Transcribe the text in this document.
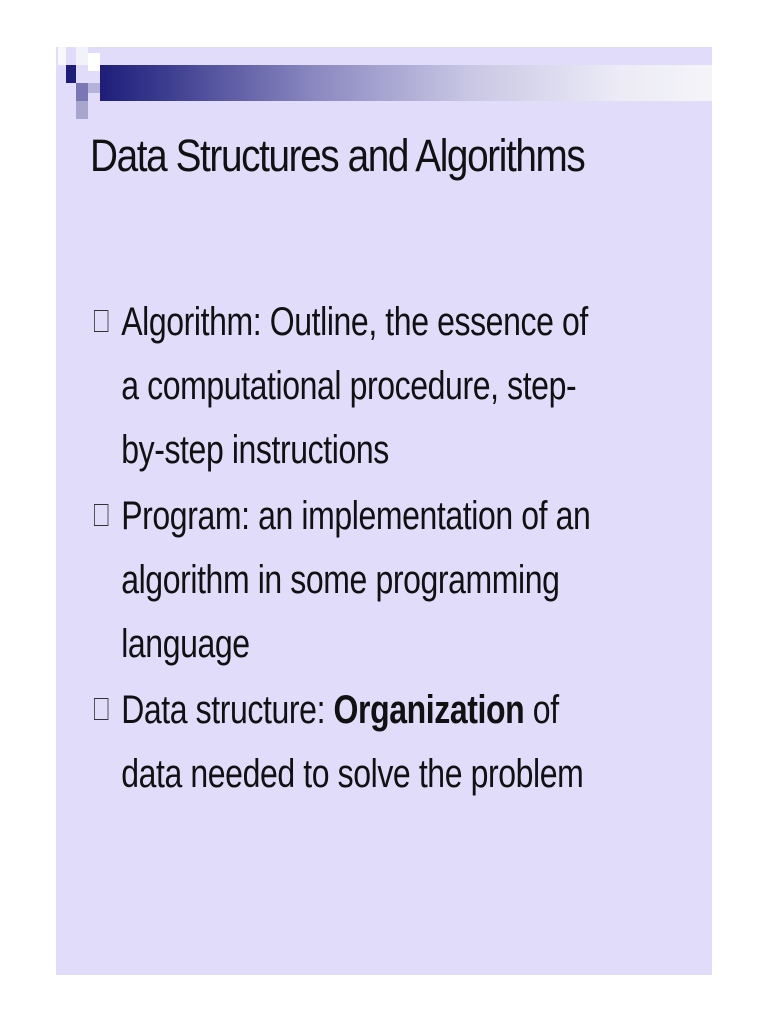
Data Structures and Algorithms
Algorithm: Outline, the essence of a computational procedure, step-by-step instructions
Program: an implementation of an algorithm in some programming language
Data structure: Organization of data needed to solve the problem
